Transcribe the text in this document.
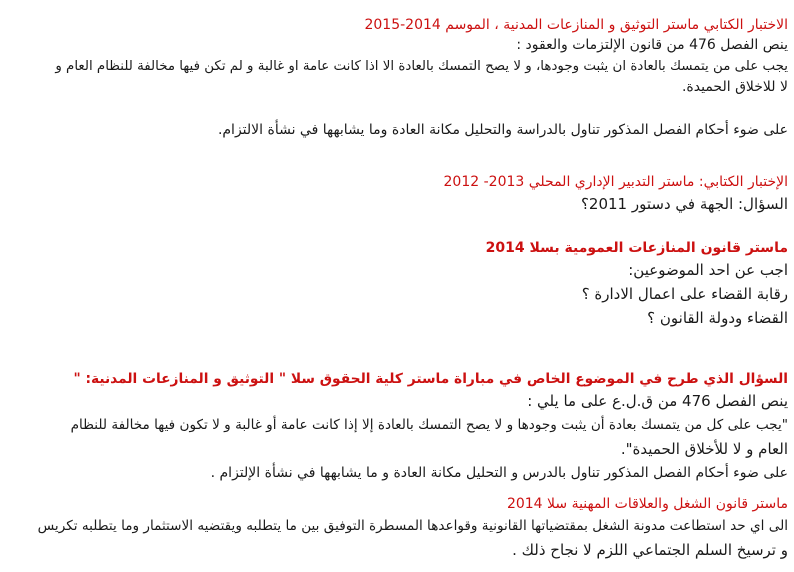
الاختبار الكتابي ماستر التوثيق و المنازعات المدنية ، الموسم 2014-2015
ينص الفصل 476 من قانون الإلتزمات والعقود :
يجب على من يتمسك بالعادة ان يثبت وجودها، و لا يصح التمسك بالعادة الا اذا كانت عامة او غالبة و لم تكن فيها مخالفة للنظام العام و
لا للاخلاق الحميدة.
على ضوء أحكام الفصل المذكور تناول بالدراسة والتحليل مكانة العادة وما يشابهها في نشأة الالتزام.
الإختبار الكتابي: ماستر التدبير الإداري المحلي 2013- 2012
السؤال: الجهة في دستور 2011؟
ماستر قانون المنازعات العمومية بسلا 2014
اجب عن احد الموضوعين:
رقابة القضاء على اعمال الادارة ؟
القضاء ودولة القانون ؟
السؤال الذي طرح في الموضوع الخاص في مباراة ماستر كلية الحقوق سلا " التوثيق و المنازعات المدنية: "
ينص الفصل 476 من ق.ل.ع على ما يلي :
"يجب على كل من يتمسك بعادة أن يثبت وجودها و لا يصح التمسك بالعادة إلا إذا كانت عامة أو غالبة و لا تكون فيها مخالفة للنظام
العام و لا للأخلاق الحميدة".
على ضوء أحكام الفصل المذكور تناول بالدرس و التحليل مكانة العادة و ما يشابهها في نشأة الإلتزام .
ماستر قانون الشغل والعلاقات المهنية سلا 2014
الى اي حد استطاعت مدونة الشغل بمقتضياتها القانونية وقواعدها المسطرة التوفيق بين ما يتطلبه ويقتضيه الاستثمار وما يتطلبه تكريس
و ترسيخ السلم الجتماعي اللزم لا نجاح ذلك .
